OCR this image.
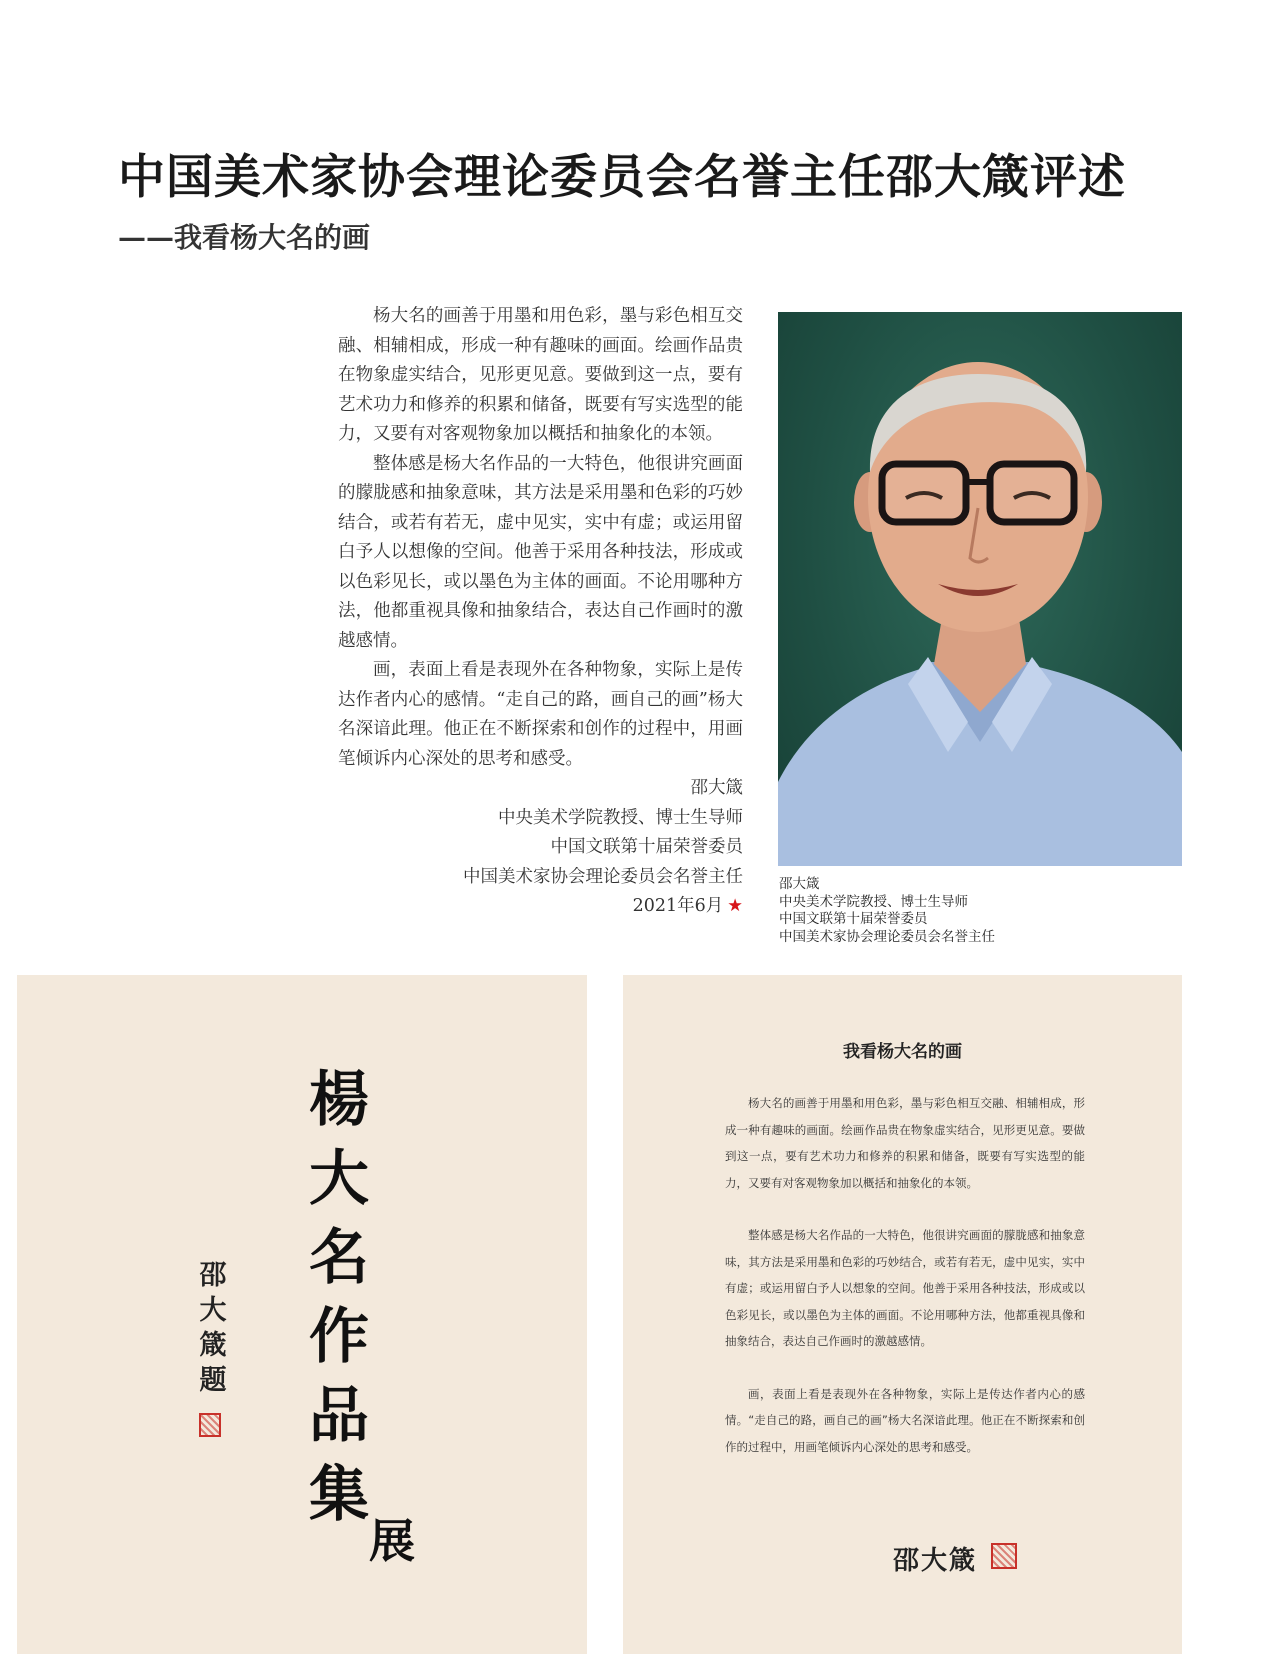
中国美术家协会理论委员会名誉主任邵大箴评述
——我看杨大名的画

杨大名的画善于用墨和用色彩，墨与彩色相互交融、相辅相成，形成一种有趣味的画面。绘画作品贵在物象虚实结合，见形更见意。要做到这一点，要有艺术功力和修养的积累和储备，既要有写实选型的能力，又要有对客观物象加以概括和抽象化的本领。

整体感是杨大名作品的一大特色，他很讲究画面的朦胧感和抽象意味，其方法是采用墨和色彩的巧妙结合，或若有若无，虚中见实，实中有虚；或运用留白予人以想像的空间。他善于采用各种技法，形成或以色彩见长，或以墨色为主体的画面。不论用哪种方法，他都重视具像和抽象结合，表达自己作画时的激越感情。

画，表面上看是表现外在各种物象，实际上是传达作者内心的感情。“走自己的路，画自己的画”杨大名深谙此理。他正在不断探索和创作的过程中，用画笔倾诉内心深处的思考和感受。

邵大箴
中央美术学院教授、博士生导师
中国文联第十届荣誉委员
中国美术家协会理论委员会名誉主任
2021年6月 ★
邵大箴
中央美术学院教授、博士生导师
中国文联第十届荣誉委员
中国美术家协会理论委员会名誉主任
楊
大
名
作
品
集
展
邵
大
箴
题
我看杨大名的画

杨大名的画善于用墨和用色彩，墨与彩色相互交融、相辅相成，形成一种有趣味的画面。绘画作品贵在物象虚实结合，见形更见意。要做到这一点，要有艺术功力和修养的积累和储备，既要有写实选型的能力，又要有对客观物象加以概括和抽象化的本领。

整体感是杨大名作品的一大特色，他很讲究画面的朦胧感和抽象意味，其方法是采用墨和色彩的巧妙结合，或若有若无，虚中见实，实中有虚；或运用留白予人以想象的空间。他善于采用各种技法，形成或以色彩见长，或以墨色为主体的画面。不论用哪种方法，他都重视具像和抽象结合，表达自己作画时的激越感情。

画，表面上看是表现外在各种物象，实际上是传达作者内心的感情。“走自己的路，画自己的画”杨大名深谙此理。他正在不断探索和创作的过程中，用画笔倾诉内心深处的思考和感受。

邵大箴
